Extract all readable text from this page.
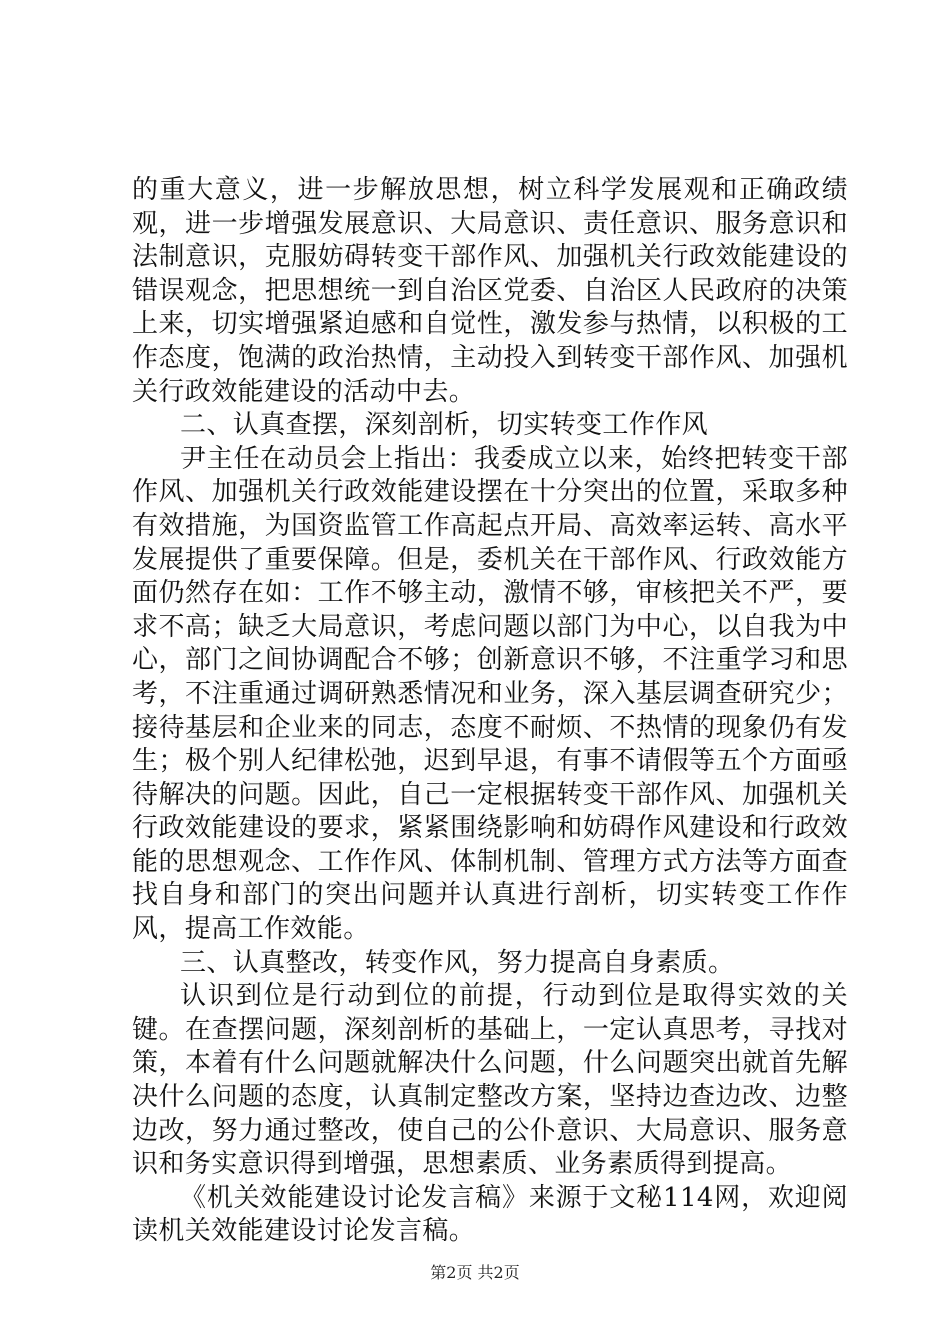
的重大意义，进一步解放思想，树立科学发展观和正确政绩观，进一步增强发展意识、大局意识、责任意识、服务意识和法制意识，克服妨碍转变干部作风、加强机关行政效能建设的错误观念，把思想统一到自治区党委、自治区人民政府的决策上来，切实增强紧迫感和自觉性，激发参与热情，以积极的工作态度，饱满的政治热情，主动投入到转变干部作风、加强机关行政效能建设的活动中去。

二、认真查摆，深刻剖析，切实转变工作作风

尹主任在动员会上指出：我委成立以来，始终把转变干部作风、加强机关行政效能建设摆在十分突出的位置，采取多种有效措施，为国资监管工作高起点开局、高效率运转、高水平发展提供了重要保障。但是，委机关在干部作风、行政效能方面仍然存在如：工作不够主动，激情不够，审核把关不严，要求不高；缺乏大局意识，考虑问题以部门为中心，以自我为中心，部门之间协调配合不够；创新意识不够，不注重学习和思考，不注重通过调研熟悉情况和业务，深入基层调查研究少；接待基层和企业来的同志，态度不耐烦、不热情的现象仍有发生；极个别人纪律松弛，迟到早退，有事不请假等五个方面亟待解决的问题。因此，自己一定根据转变干部作风、加强机关行政效能建设的要求，紧紧围绕影响和妨碍作风建设和行政效能的思想观念、工作作风、体制机制、管理方式方法等方面查找自身和部门的突出问题并认真进行剖析，切实转变工作作风，提高工作效能。

三、认真整改，转变作风，努力提高自身素质。

认识到位是行动到位的前提，行动到位是取得实效的关键。在查摆问题，深刻剖析的基础上，一定认真思考，寻找对策，本着有什么问题就解决什么问题，什么问题突出就首先解决什么问题的态度，认真制定整改方案，坚持边查边改、边整边改，努力通过整改，使自己的公仆意识、大局意识、服务意识和务实意识得到增强，思想素质、业务素质得到提高。

《机关效能建设讨论发言稿》来源于文秘114网，欢迎阅读机关效能建设讨论发言稿。

第2页 共2页
